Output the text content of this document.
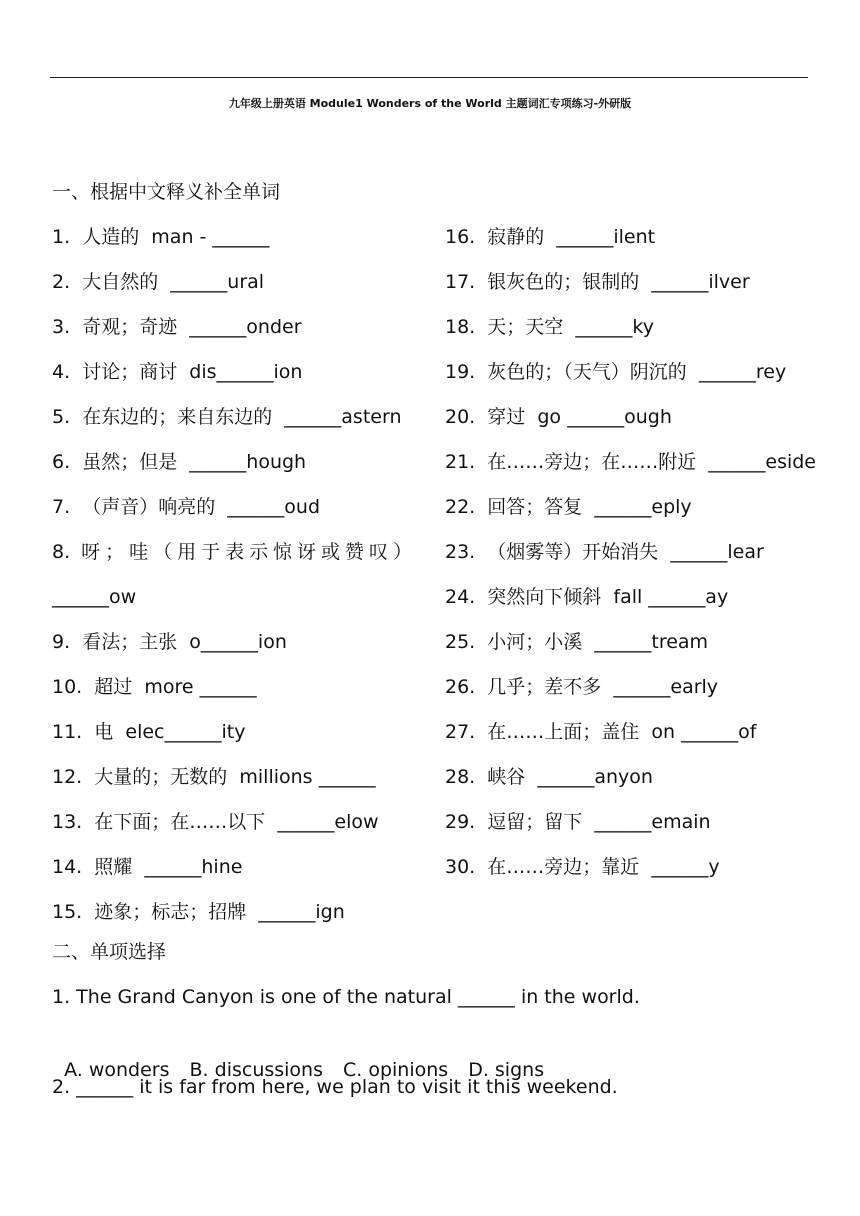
九年级上册英语 Module1 Wonders of the World 主题词汇专项练习-外研版
一、根据中文释义补全单词
1.  人造的  man - ______
2.  大自然的  ______ural
3.  奇观；奇迹  ______onder
4.  讨论；商讨  dis______ion
5.  在东边的；来自东边的  ______astern
6.  虽然；但是  ______hough
7.  （声音）响亮的  ______oud
8. 呀；哇（用于表示惊讶或赞叹）
______ow
9.  看法；主张  o______ion
10.  超过  more ______
11.  电  elec______ity
12.  大量的；无数的  millions ______
13.  在下面；在……以下  ______elow
14.  照耀  ______hine
15.  迹象；标志；招牌  ______ign
16.  寂静的  ______ilent
17.  银灰色的；银制的  ______ilver
18.  天；天空  ______ky
19.  灰色的；（天气）阴沉的  ______rey
20.  穿过  go ______ough
21.  在……旁边；在……附近  ______eside
22.  回答；答复  ______eply
23.  （烟雾等）开始消失  ______lear
24.  突然向下倾斜  fall ______ay
25.  小河；小溪  ______tream
26.  几乎；差不多  ______early
27.  在……上面；盖住  on ______of
28.  峡谷  ______anyon
29.  逗留；留下  ______emain
30.  在……旁边；靠近  ______y
二、单项选择
1. The Grand Canyon is one of the natural ______ in the world.

A. wonders B. discussions C. opinions D. signs

2. ______ it is far from here, we plan to visit it this weekend.
